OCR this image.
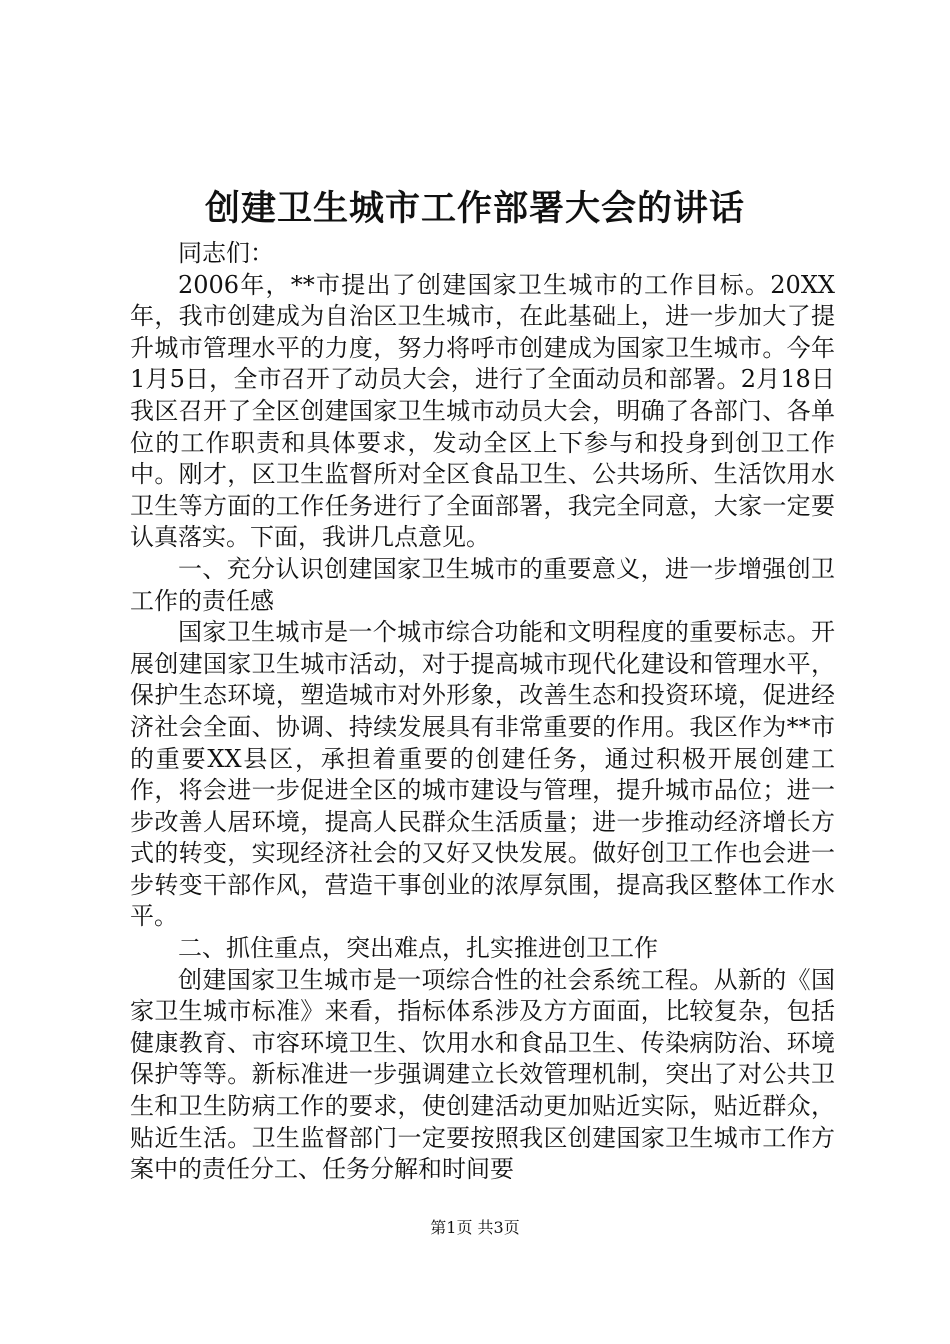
创建卫生城市工作部署大会的讲话

同志们：

2006年，**市提出了创建国家卫生城市的工作目标。20XX年，我市创建成为自治区卫生城市，在此基础上，进一步加大了提升城市管理水平的力度，努力将呼市创建成为国家卫生城市。今年1月5日，全市召开了动员大会，进行了全面动员和部署。2月18日我区召开了全区创建国家卫生城市动员大会，明确了各部门、各单位的工作职责和具体要求，发动全区上下参与和投身到创卫工作中。刚才，区卫生监督所对全区食品卫生、公共场所、生活饮用水卫生等方面的工作任务进行了全面部署，我完全同意，大家一定要认真落实。下面，我讲几点意见。

一、充分认识创建国家卫生城市的重要意义，进一步增强创卫工作的责任感

国家卫生城市是一个城市综合功能和文明程度的重要标志。开展创建国家卫生城市活动，对于提高城市现代化建设和管理水平，保护生态环境，塑造城市对外形象，改善生态和投资环境，促进经济社会全面、协调、持续发展具有非常重要的作用。我区作为**市的重要XX县区，承担着重要的创建任务，通过积极开展创建工作，将会进一步促进全区的城市建设与管理，提升城市品位；进一步改善人居环境，提高人民群众生活质量；进一步推动经济增长方式的转变，实现经济社会的又好又快发展。做好创卫工作也会进一步转变干部作风，营造干事创业的浓厚氛围，提高我区整体工作水平。

二、抓住重点，突出难点，扎实推进创卫工作

创建国家卫生城市是一项综合性的社会系统工程。从新的《国家卫生城市标准》来看，指标体系涉及方方面面，比较复杂，包括健康教育、市容环境卫生、饮用水和食品卫生、传染病防治、环境保护等等。新标准进一步强调建立长效管理机制，突出了对公共卫生和卫生防病工作的要求，使创建活动更加贴近实际，贴近群众，贴近生活。卫生监督部门一定要按照我区创建国家卫生城市工作方案中的责任分工、任务分解和时间要

第1页 共3页
